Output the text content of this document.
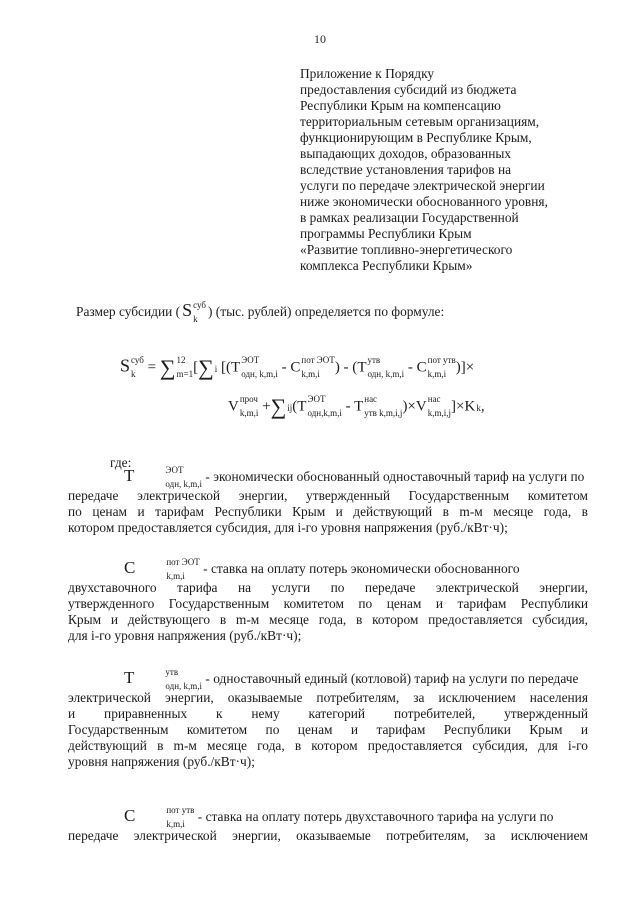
10
Приложение к Порядку
предоставления субсидий из бюджета
Республики Крым на компенсацию
территориальным сетевым организациям,
функционирующим в Республике Крым,
выпадающих доходов, образованных
вследствие установления тарифов на
услуги по передаче электрической энергии
ниже экономически обоснованного уровня,
в рамках реализации Государственной
программы Республики Крым
«Развитие топливно-энергетического
комплекса Республики Крым»
Размер субсидии ( S суб
k ) (тыс. рублей) определяется по формуле:
S суб
k = ∑ 12
m=1 [∑ i [(T ЭОТ
одн, k,m,i - C пот ЭОТ
k,m,i ) - (T утв
одн, k,m,i - C пот утв
k,m,i )]×
V проч
k,m,i +∑ ij (T ЭОТ
одн,k,m,i - T нас
утв k,m,i,j )×V нас
k,m,i,j ]×K k ,
где:
T	ЭОТ
одн, k,m,i - экономически обоснованный одноставочный тариф на услуги по
передаче электрической энергии, утвержденный Государственным комитетом
по ценам и тарифам Республики Крым и действующий в m-м месяце года, в
котором предоставляется субсидия, для i-го уровня напряжения (руб./кВт·ч);
C	пот ЭОТ
k,m,i	- ставка на оплату потерь экономически обоснованного
двухставочного тарифа на услуги по передаче электрической энергии,
утвержденного Государственным комитетом по ценам и тарифам Республики
Крым и действующего в m-м месяце года, в котором предоставляется субсидия,
для i-го уровня напряжения (руб./кВт·ч);
T	утв
одн, k,m,i - одноставочный единый (котловой) тариф на услуги по передаче
электрической энергии, оказываемые потребителям, за исключением населения
и приравненных к нему категорий потребителей, утвержденный
Государственным комитетом по ценам и тарифам Республики Крым и
действующий в m-м месяце года, в котором предоставляется субсидия, для i-го
уровня напряжения (руб./кВт·ч);
C	пот утв
k,m,i - ставка на оплату потерь двухставочного тарифа на услуги по
передаче электрической энергии, оказываемые потребителям, за исключением
